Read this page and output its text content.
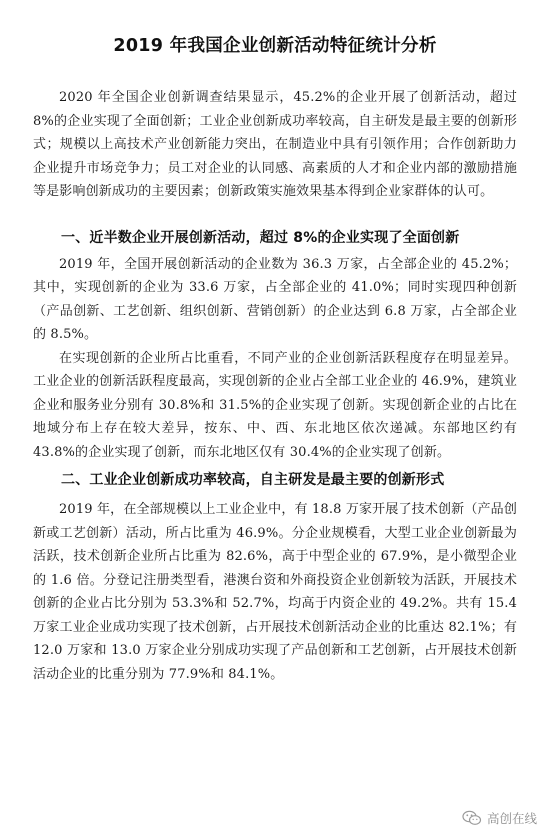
2019 年我国企业创新活动特征统计分析

2020 年全国企业创新调查结果显示，45.2%的企业开展了创新活动，超过 8%的企业实现了全面创新；工业企业创新成功率较高，自主研发是最主要的创新形式；规模以上高技术产业创新能力突出，在制造业中具有引领作用；合作创新助力企业提升市场竞争力；员工对企业的认同感、高素质的人才和企业内部的激励措施等是影响创新成功的主要因素；创新政策实施效果基本得到企业家群体的认可。

一、近半数企业开展创新活动，超过 8%的企业实现了全面创新

2019 年，全国开展创新活动的企业数为 36.3 万家，占全部企业的 45.2%；其中，实现创新的企业为 33.6 万家，占全部企业的 41.0%；同时实现四种创新（产品创新、工艺创新、组织创新、营销创新）的企业达到 6.8 万家，占全部企业的 8.5%。

在实现创新的企业所占比重看，不同产业的企业创新活跃程度存在明显差异。工业企业的创新活跃程度最高，实现创新的企业占全部工业企业的 46.9%，建筑业企业和服务业分别有 30.8%和 31.5%的企业实现了创新。实现创新企业的占比在地域分布上存在较大差异，按东、中、西、东北地区依次递减。东部地区约有 43.8%的企业实现了创新，而东北地区仅有 30.4%的企业实现了创新。

二、工业企业创新成功率较高，自主研发是最主要的创新形式

2019 年，在全部规模以上工业企业中，有 18.8 万家开展了技术创新（产品创新或工艺创新）活动，所占比重为 46.9%。分企业规模看，大型工业企业创新最为活跃，技术创新企业所占比重为 82.6%，高于中型企业的 67.9%，是小微型企业的 1.6 倍。分登记注册类型看，港澳台资和外商投资企业创新较为活跃，开展技术创新的企业占比分别为 53.3%和 52.7%，均高于内资企业的 49.2%。共有 15.4 万家工业企业成功实现了技术创新，占开展技术创新活动企业的比重达 82.1%；有 12.0 万家和 13.0 万家企业分别成功实现了产品创新和工艺创新，占开展技术创新活动企业的比重分别为 77.9%和 84.1%。

高创在线
